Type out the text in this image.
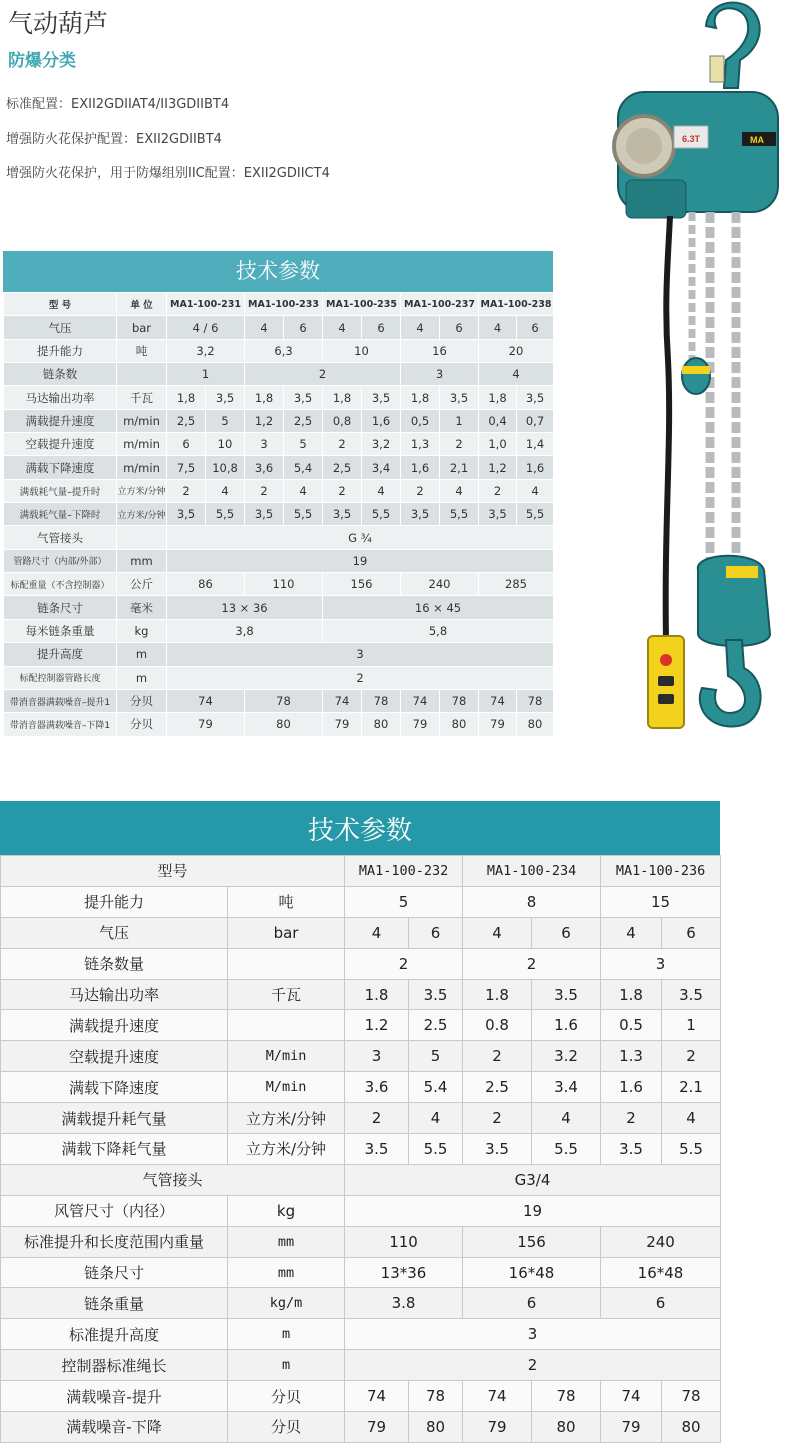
气动葫芦
防爆分类
标准配置：EXII2GDIIAT4/II3GDIIBT4
增强防火花保护配置：EXII2GDIIBT4
增强防火花保护，用于防爆组别IIC配置：EXII2GDIICT4
技术参数
型 号	单 位	MA1-100-231		MA1-100-233		MA1-100-235		MA1-100-237		MA1-100-238	
气压	bar	4 / 6		4	6	4	6	4	6	4	6
提升能力	吨	3,2		6,3		10		16		20	
链条数		1		2				3		4	
马达输出功率	千瓦	1,8	3,5	1,8	3,5	1,8	3,5	1,8	3,5	1,8	3,5
满载提升速度	m/min	2,5	5	1,2	2,5	0,8	1,6	0,5	1	0,4	0,7
空载提升速度	m/min	6	10	3	5	2	3,2	1,3	2	1,0	1,4
满载下降速度	m/min	7,5	10,8	3,6	5,4	2,5	3,4	1,6	2,1	1,2	1,6
满载耗气量–提升时	立方米/分钟	2	4	2	4	2	4	2	4	2	4
满载耗气量–下降时	立方米/分钟	3,5	5,5	3,5	5,5	3,5	5,5	3,5	5,5	3,5	5,5
气管接头		G ¾									
管路尺寸（内部/外部）	mm	19									
标配重量（不含控制器）	公斤	86		110		156		240		285	
链条尺寸	毫米	13 × 36				16 × 45					
每米链条重量	kg	3,8				5,8					
提升高度	m	3									
标配控制器管路长度	m	2									
带消音器满载噪音–提升1	分贝	74		78		74	78	74	78	74	78
带消音器满载噪音–下降1	分贝	79		80		79	80	79	80	79	80
技术参数
型号		MA1-100-232		MA1-100-234		MA1-100-236	
提升能力	吨	5		8		15	
气压	bar	4	6	4	6	4	6
链条数量		2		2		3	
马达输出功率	千瓦	1.8	3.5	1.8	3.5	1.8	3.5
满载提升速度		1.2	2.5	0.8	1.6	0.5	1
空载提升速度	M/min	3	5	2	3.2	1.3	2
满载下降速度	M/min	3.6	5.4	2.5	3.4	1.6	2.1
满载提升耗气量	立方米/分钟	2	4	2	4	2	4
满载下降耗气量	立方米/分钟	3.5	5.5	3.5	5.5	3.5	5.5
气管接头		G3/4					
风管尺寸（内径）	kg	19					
标准提升和长度范围内重量	mm	110		156		240	
链条尺寸	mm	13*36		16*48		16*48	
链条重量	kg/m	3.8		6		6	
标准提升高度	m	3					
控制器标准绳长	m	2					
满载噪音-提升	分贝	74	78	74	78	74	78
满载噪音-下降	分贝	79	80	79	80	79	80
6.3T	MA
